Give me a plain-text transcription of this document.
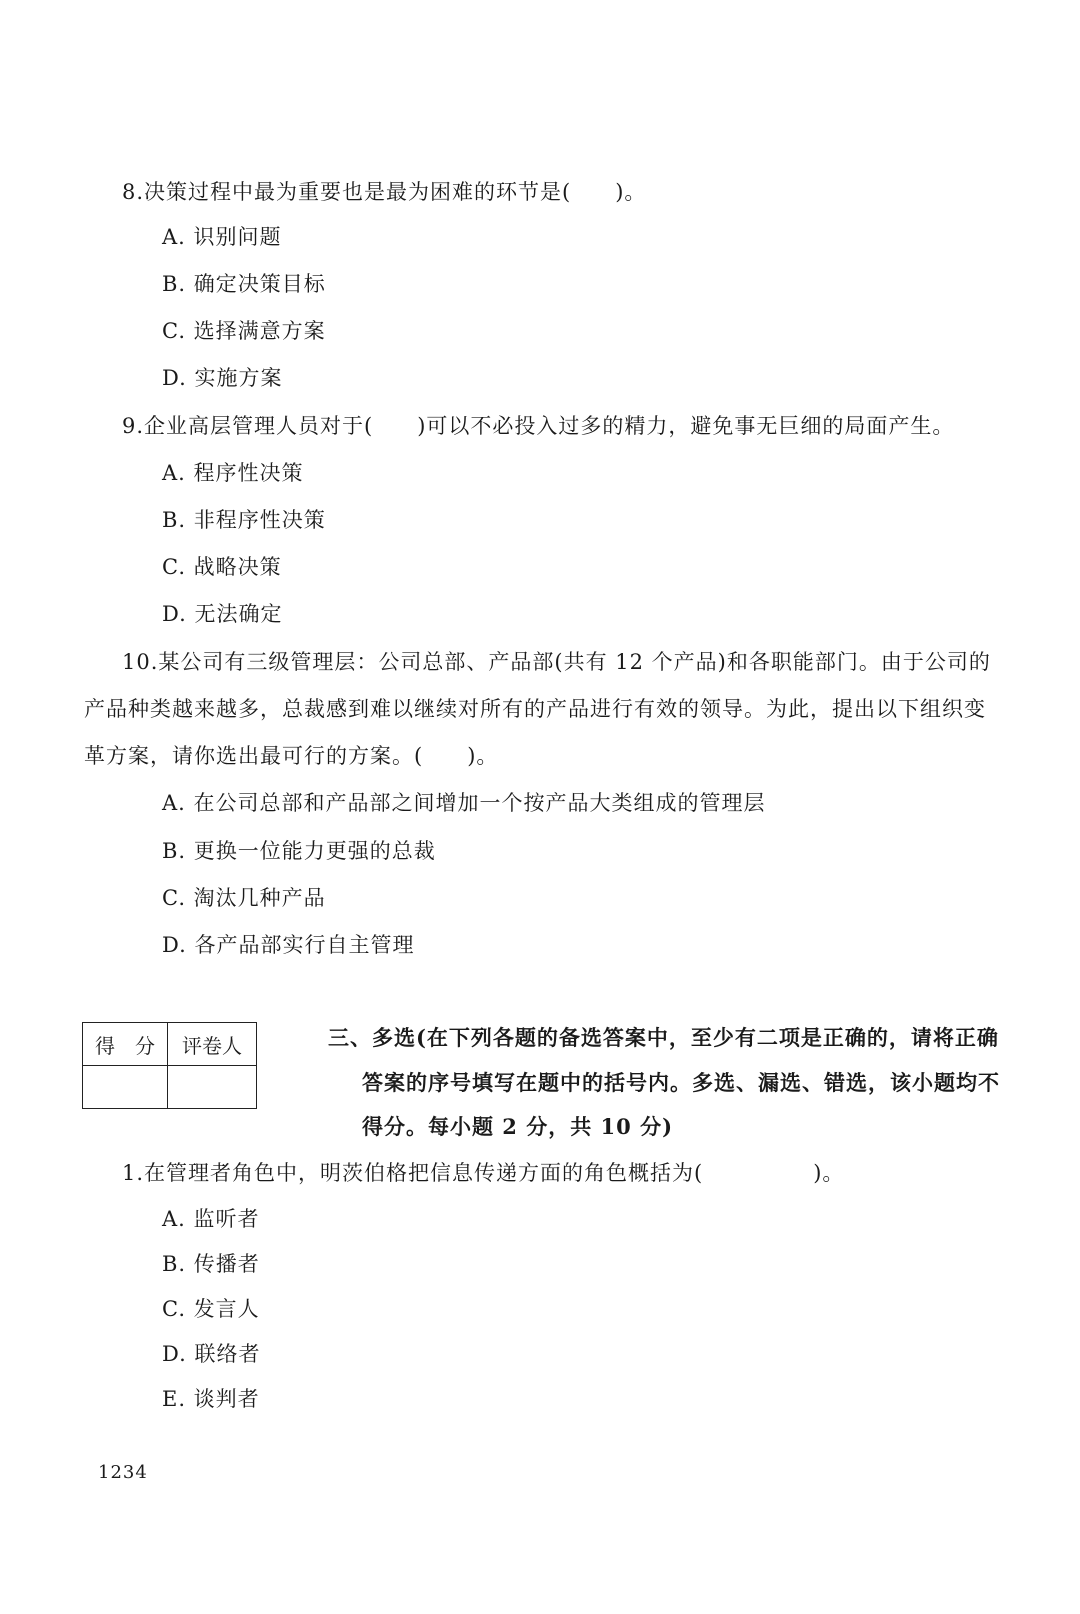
8.决策过程中最为重要也是最为困难的环节是(　　)。
A. 识别问题
B. 确定决策目标
C. 选择满意方案
D. 实施方案
9.企业高层管理人员对于(　　)可以不必投入过多的精力，避免事无巨细的局面产生。
A. 程序性决策
B. 非程序性决策
C. 战略决策
D. 无法确定
10.某公司有三级管理层：公司总部、产品部(共有 12 个产品)和各职能部门。由于公司的
产品种类越来越多，总裁感到难以继续对所有的产品进行有效的领导。为此，提出以下组织变
革方案，请你选出最可行的方案。(　　)。
A. 在公司总部和产品部之间增加一个按产品大类组成的管理层
B. 更换一位能力更强的总裁
C. 淘汰几种产品
D. 各产品部实行自主管理
得　分	评卷人
		三、多选(在下列各题的备选答案中，至少有二项是正确的，请将正确
答案的序号填写在题中的括号内。多选、漏选、错选，该小题均不
得分。每小题 2 分，共 10 分)
1.在管理者角色中，明茨伯格把信息传递方面的角色概括为(　　　　　)。
A. 监听者
B. 传播者
C. 发言人
D. 联络者
E. 谈判者
1234
